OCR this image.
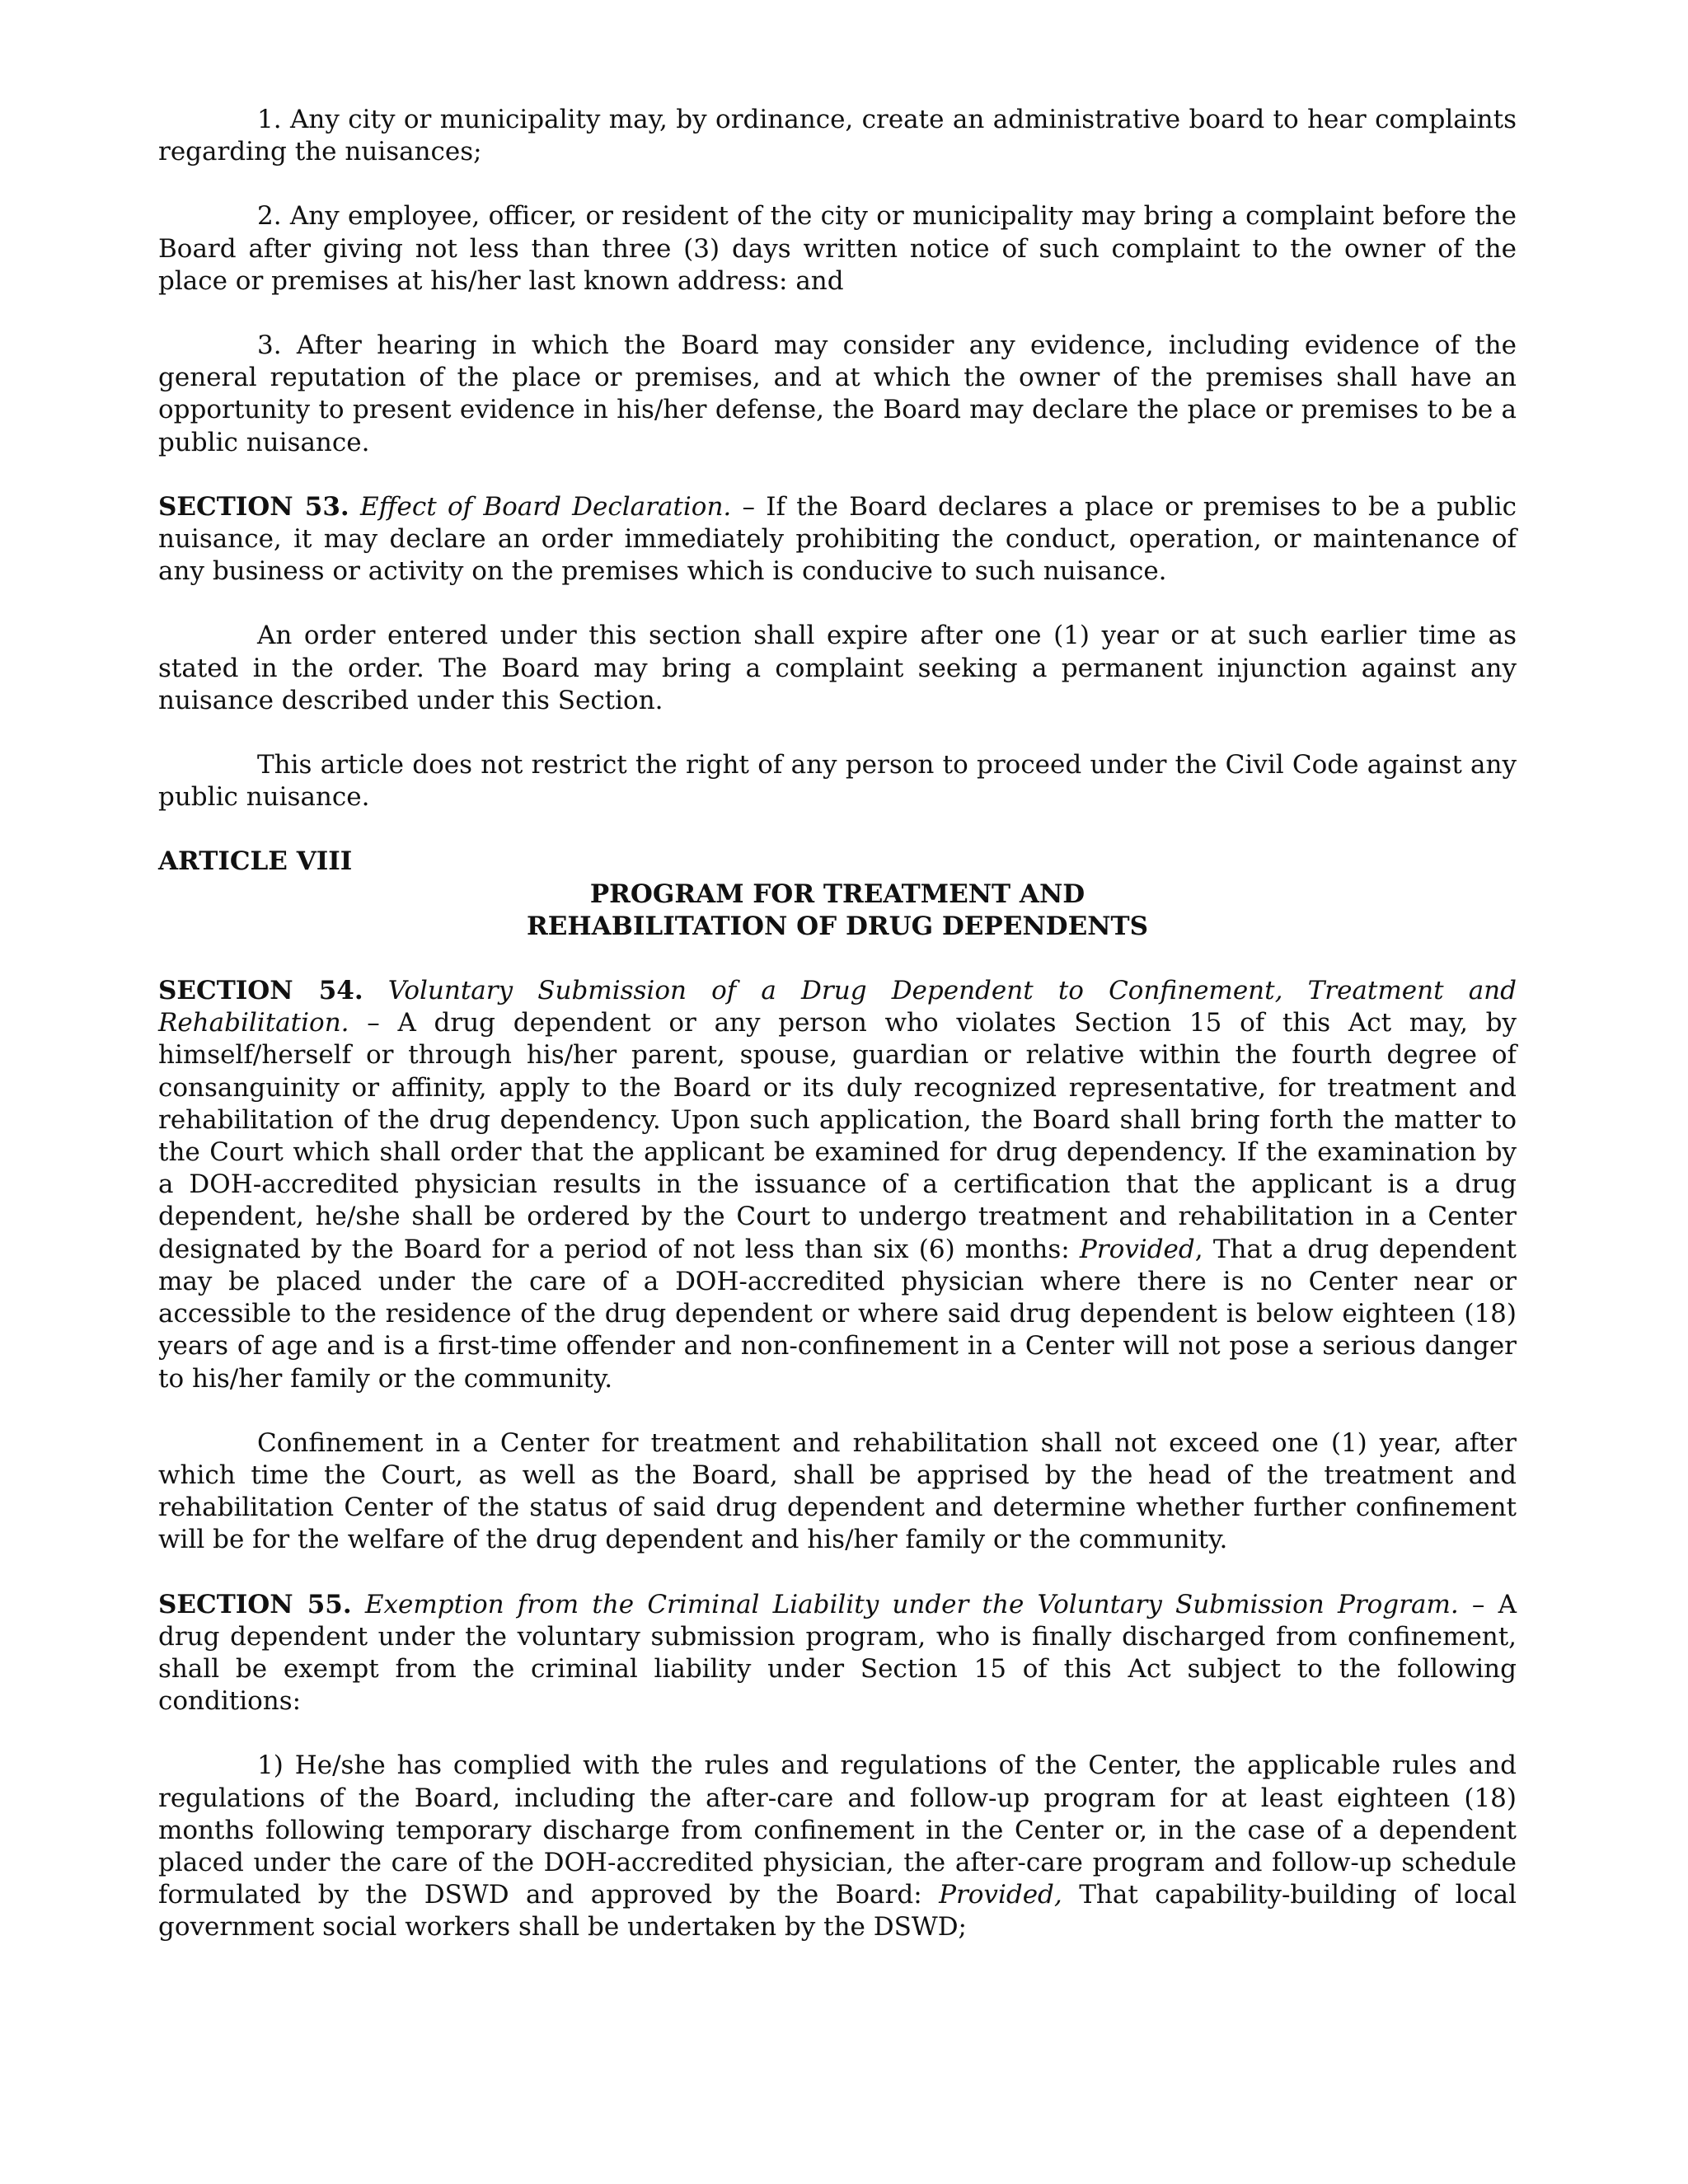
1. Any city or municipality may, by ordinance, create an administrative board to hear complaints regarding the nuisances;

2. Any employee, officer, or resident of the city or municipality may bring a complaint before the Board after giving not less than three (3) days written notice of such complaint to the owner of the place or premises at his/her last known address: and

3. After hearing in which the Board may consider any evidence, including evidence of the general reputation of the place or premises, and at which the owner of the premises shall have an opportunity to present evidence in his/her defense, the Board may declare the place or premises to be a public nuisance.

SECTION 53. Effect of Board Declaration. – If the Board declares a place or premises to be a public nuisance, it may declare an order immediately prohibiting the conduct, operation, or maintenance of any business or activity on the premises which is conducive to such nuisance.

An order entered under this section shall expire after one (1) year or at such earlier time as stated in the order. The Board may bring a complaint seeking a permanent injunction against any nuisance described under this Section.

This article does not restrict the right of any person to proceed under the Civil Code against any public nuisance.

ARTICLE VIII

PROGRAM FOR TREATMENT AND
REHABILITATION OF DRUG DEPENDENTS

SECTION 54. Voluntary Submission of a Drug Dependent to Confinement, Treatment and Rehabilitation. – A drug dependent or any person who violates Section 15 of this Act may, by himself/herself or through his/her parent, spouse, guardian or relative within the fourth degree of consanguinity or affinity, apply to the Board or its duly recognized representative, for treatment and rehabilitation of the drug dependency. Upon such application, the Board shall bring forth the matter to the Court which shall order that the applicant be examined for drug dependency. If the examination by a DOH-accredited physician results in the issuance of a certification that the applicant is a drug dependent, he/she shall be ordered by the Court to undergo treatment and rehabilitation in a Center designated by the Board for a period of not less than six (6) months: Provided, That a drug dependent may be placed under the care of a DOH-accredited physician where there is no Center near or accessible to the residence of the drug dependent or where said drug dependent is below eighteen (18) years of age and is a first-time offender and non-confinement in a Center will not pose a serious danger to his/her family or the community.

Confinement in a Center for treatment and rehabilitation shall not exceed one (1) year, after which time the Court, as well as the Board, shall be apprised by the head of the treatment and rehabilitation Center of the status of said drug dependent and determine whether further confinement will be for the welfare of the drug dependent and his/her family or the community.

SECTION 55. Exemption from the Criminal Liability under the Voluntary Submission Program. – A drug dependent under the voluntary submission program, who is finally discharged from confinement, shall be exempt from the criminal liability under Section 15 of this Act subject to the following conditions:

1) He/she has complied with the rules and regulations of the Center, the applicable rules and regulations of the Board, including the after-care and follow-up program for at least eighteen (18) months following temporary discharge from confinement in the Center or, in the case of a dependent placed under the care of the DOH-accredited physician, the after-care program and follow-up schedule formulated by the DSWD and approved by the Board: Provided, That capability-building of local government social workers shall be undertaken by the DSWD;
